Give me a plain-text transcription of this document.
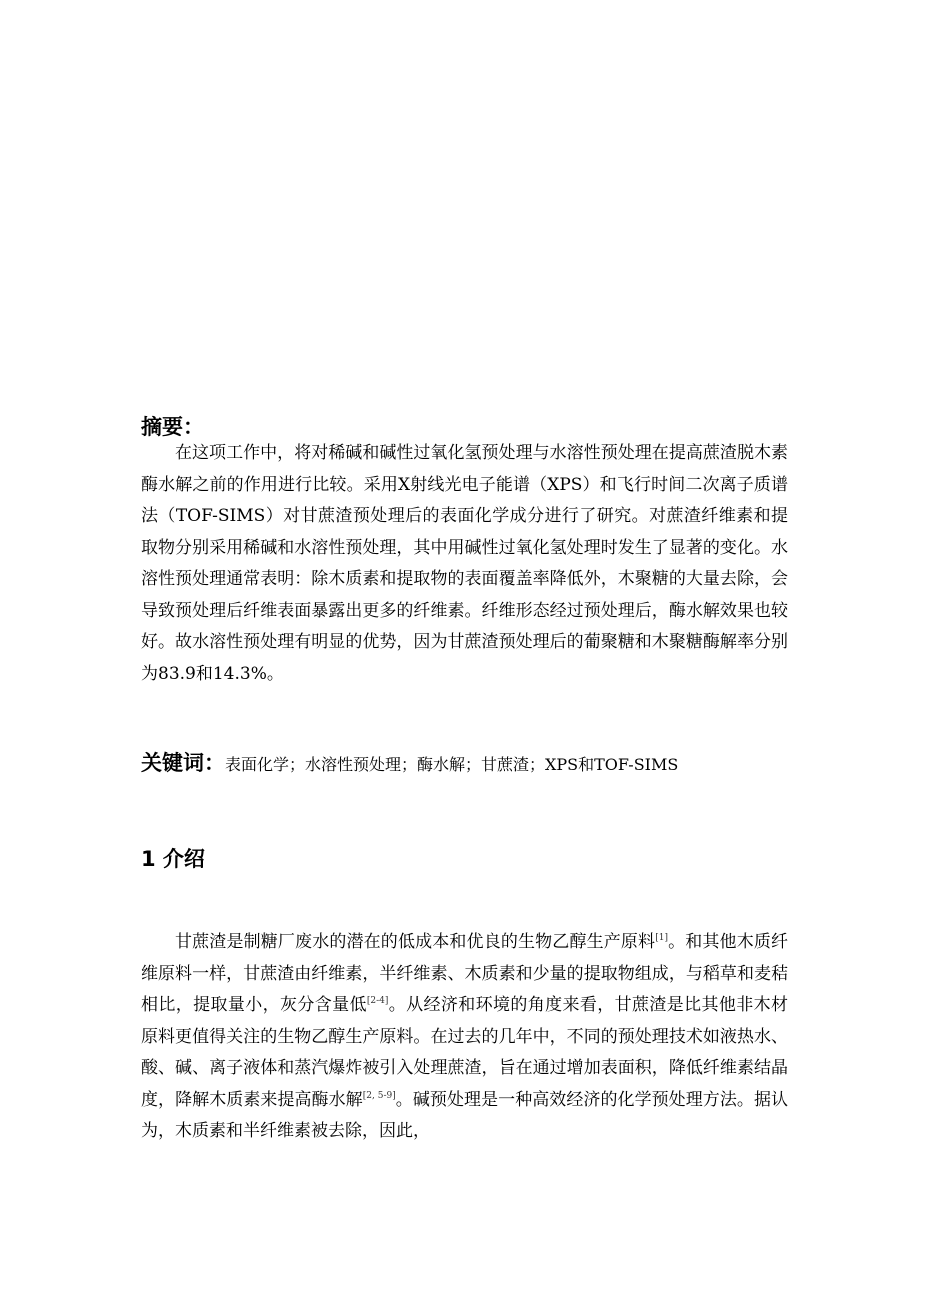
摘要：

在这项工作中，将对稀碱和碱性过氧化氢预处理与水溶性预处理在提高蔗渣脱木素酶水解之前的作用进行比较。采用X射线光电子能谱（XPS）和飞行时间二次离子质谱法（TOF-SIMS）对甘蔗渣预处理后的表面化学成分进行了研究。对蔗渣纤维素和提取物分别采用稀碱和水溶性预处理，其中用碱性过氧化氢处理时发生了显著的变化。水溶性预处理通常表明：除木质素和提取物的表面覆盖率降低外，木聚糖的大量去除，会导致预处理后纤维表面暴露出更多的纤维素。纤维形态经过预处理后，酶水解效果也较好。故水溶性预处理有明显的优势，因为甘蔗渣预处理后的葡聚糖和木聚糖酶解率分别为83.9和14.3%。

关键词：表面化学；水溶性预处理；酶水解；甘蔗渣；XPS和TOF-SIMS
1 介绍

甘蔗渣是制糖厂废水的潜在的低成本和优良的生物乙醇生产原料[1]。和其他木质纤维原料一样，甘蔗渣由纤维素，半纤维素、木质素和少量的提取物组成，与稻草和麦秸相比，提取量小，灰分含量低[2-4]。从经济和环境的角度来看，甘蔗渣是比其他非木材原料更值得关注的生物乙醇生产原料。在过去的几年中，不同的预处理技术如液热水、酸、碱、离子液体和蒸汽爆炸被引入处理蔗渣，旨在通过增加表面积，降低纤维素结晶度，降解木质素来提高酶水解[2, 5-9]。碱预处理是一种高效经济的化学预处理方法。据认为，木质素和半纤维素被去除，因此，
